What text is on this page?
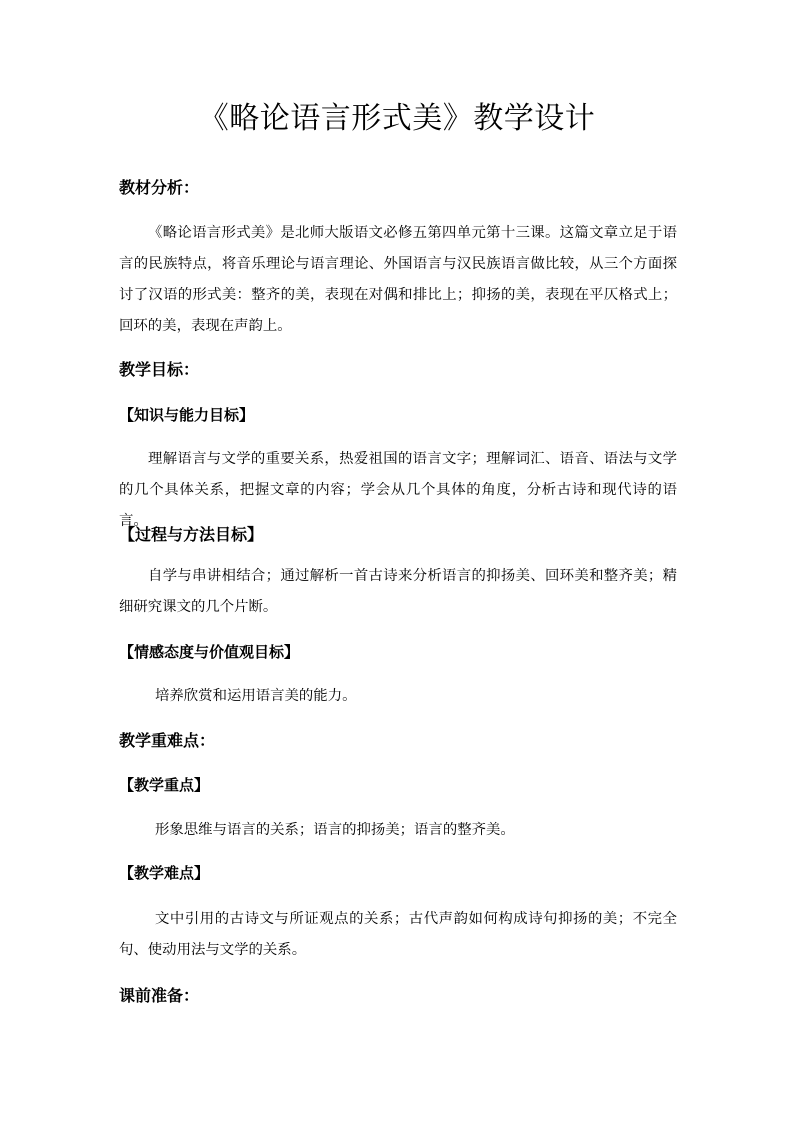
《略论语言形式美》教学设计
教材分析：
《略论语言形式美》是北师大版语文必修五第四单元第十三课。这篇文章立足于语言的民族特点，将音乐理论与语言理论、外国语言与汉民族语言做比较，从三个方面探讨了汉语的形式美：整齐的美，表现在对偶和排比上；抑扬的美，表现在平仄格式上；回环的美，表现在声韵上。
教学目标：
【知识与能力目标】
理解语言与文学的重要关系，热爱祖国的语言文字；理解词汇、语音、语法与文学的几个具体关系，把握文章的内容；学会从几个具体的角度，分析古诗和现代诗的语言。
【过程与方法目标】
自学与串讲相结合；通过解析一首古诗来分析语言的抑扬美、回环美和整齐美；精细研究课文的几个片断。
【情感态度与价值观目标】
培养欣赏和运用语言美的能力。
教学重难点：
【教学重点】
形象思维与语言的关系；语言的抑扬美；语言的整齐美。
【教学难点】
文中引用的古诗文与所证观点的关系；古代声韵如何构成诗句抑扬的美；不完全句、使动用法与文学的关系。
课前准备：
